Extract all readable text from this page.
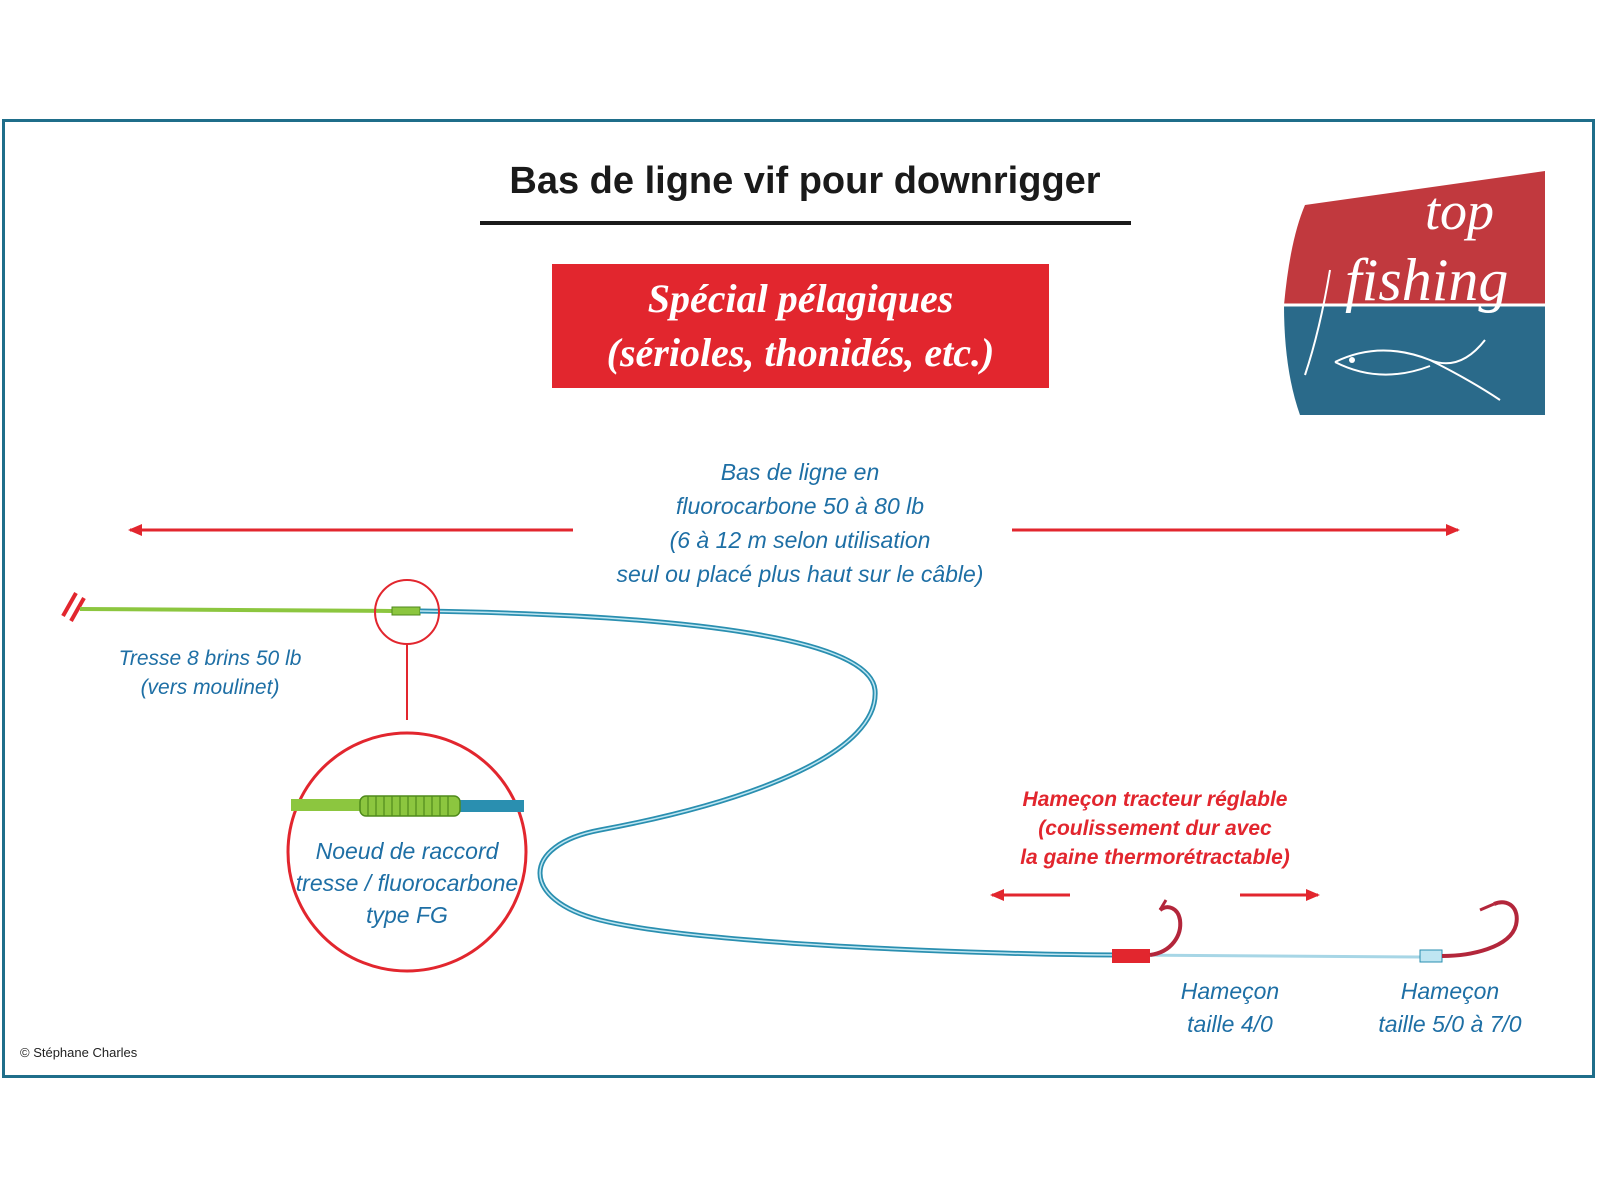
Bas de ligne vif pour downrigger
Spécial pélagiques
(sérioles, thonidés, etc.)
top
fishing
Bas de ligne en
fluorocarbone 50 à 80 lb
(6 à 12 m selon utilisation
seul ou placé plus haut sur le câble)
Tresse 8 brins 50 lb
(vers moulinet)
Noeud de raccord
tresse / fluorocarbone
type FG
Hameçon tracteur réglable
(coulissement dur avec
la gaine thermorétractable)
Hameçon
taille 4/0
Hameçon
taille 5/0 à 7/0
© Stéphane Charles
